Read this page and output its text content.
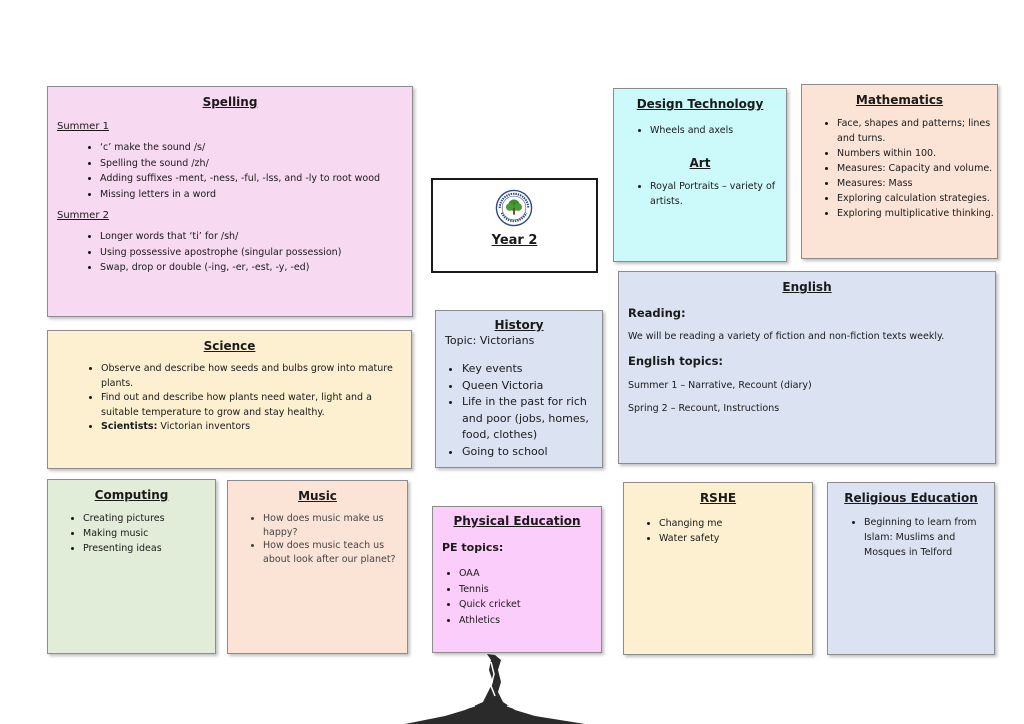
Spelling
Summer 1
• ‘c’ make the sound /s/
• Spelling the sound /zh/
• Adding suffixes -ment, -ness, -ful, -lss, and -ly to root wood
• Missing letters in a word
Summer 2
• Longer words that ‘ti’ for /sh/
• Using possessive apostrophe (singular possession)
• Swap, drop or double (-ing, -er, -est, -y, -ed)
Year 2
Design Technology
• Wheels and axels
Art
• Royal Portraits – variety of artists.
Mathematics
• Face, shapes and patterns; lines and turns.
• Numbers within 100.
• Measures: Capacity and volume.
• Measures: Mass
• Exploring calculation strategies.
• Exploring multiplicative thinking.
Science
• Observe and describe how seeds and bulbs grow into mature plants.
• Find out and describe how plants need water, light and a suitable temperature to grow and stay healthy.
• Scientists: Victorian inventors
History
Topic: Victorians
• Key events
• Queen Victoria
• Life in the past for rich and poor (jobs, homes, food, clothes)
• Going to school
English
Reading:
We will be reading a variety of fiction and non-fiction texts weekly.
English topics:
Summer 1 – Narrative, Recount (diary)
Spring 2 – Recount, Instructions
Computing
• Creating pictures
• Making music
• Presenting ideas
Music
• How does music make us happy?
• How does music teach us about look after our planet?
Physical Education
PE topics:
• OAA
• Tennis
• Quick cricket
• Athletics
RSHE
• Changing me
• Water safety
Religious Education
• Beginning to learn from Islam: Muslims and Mosques in Telford
